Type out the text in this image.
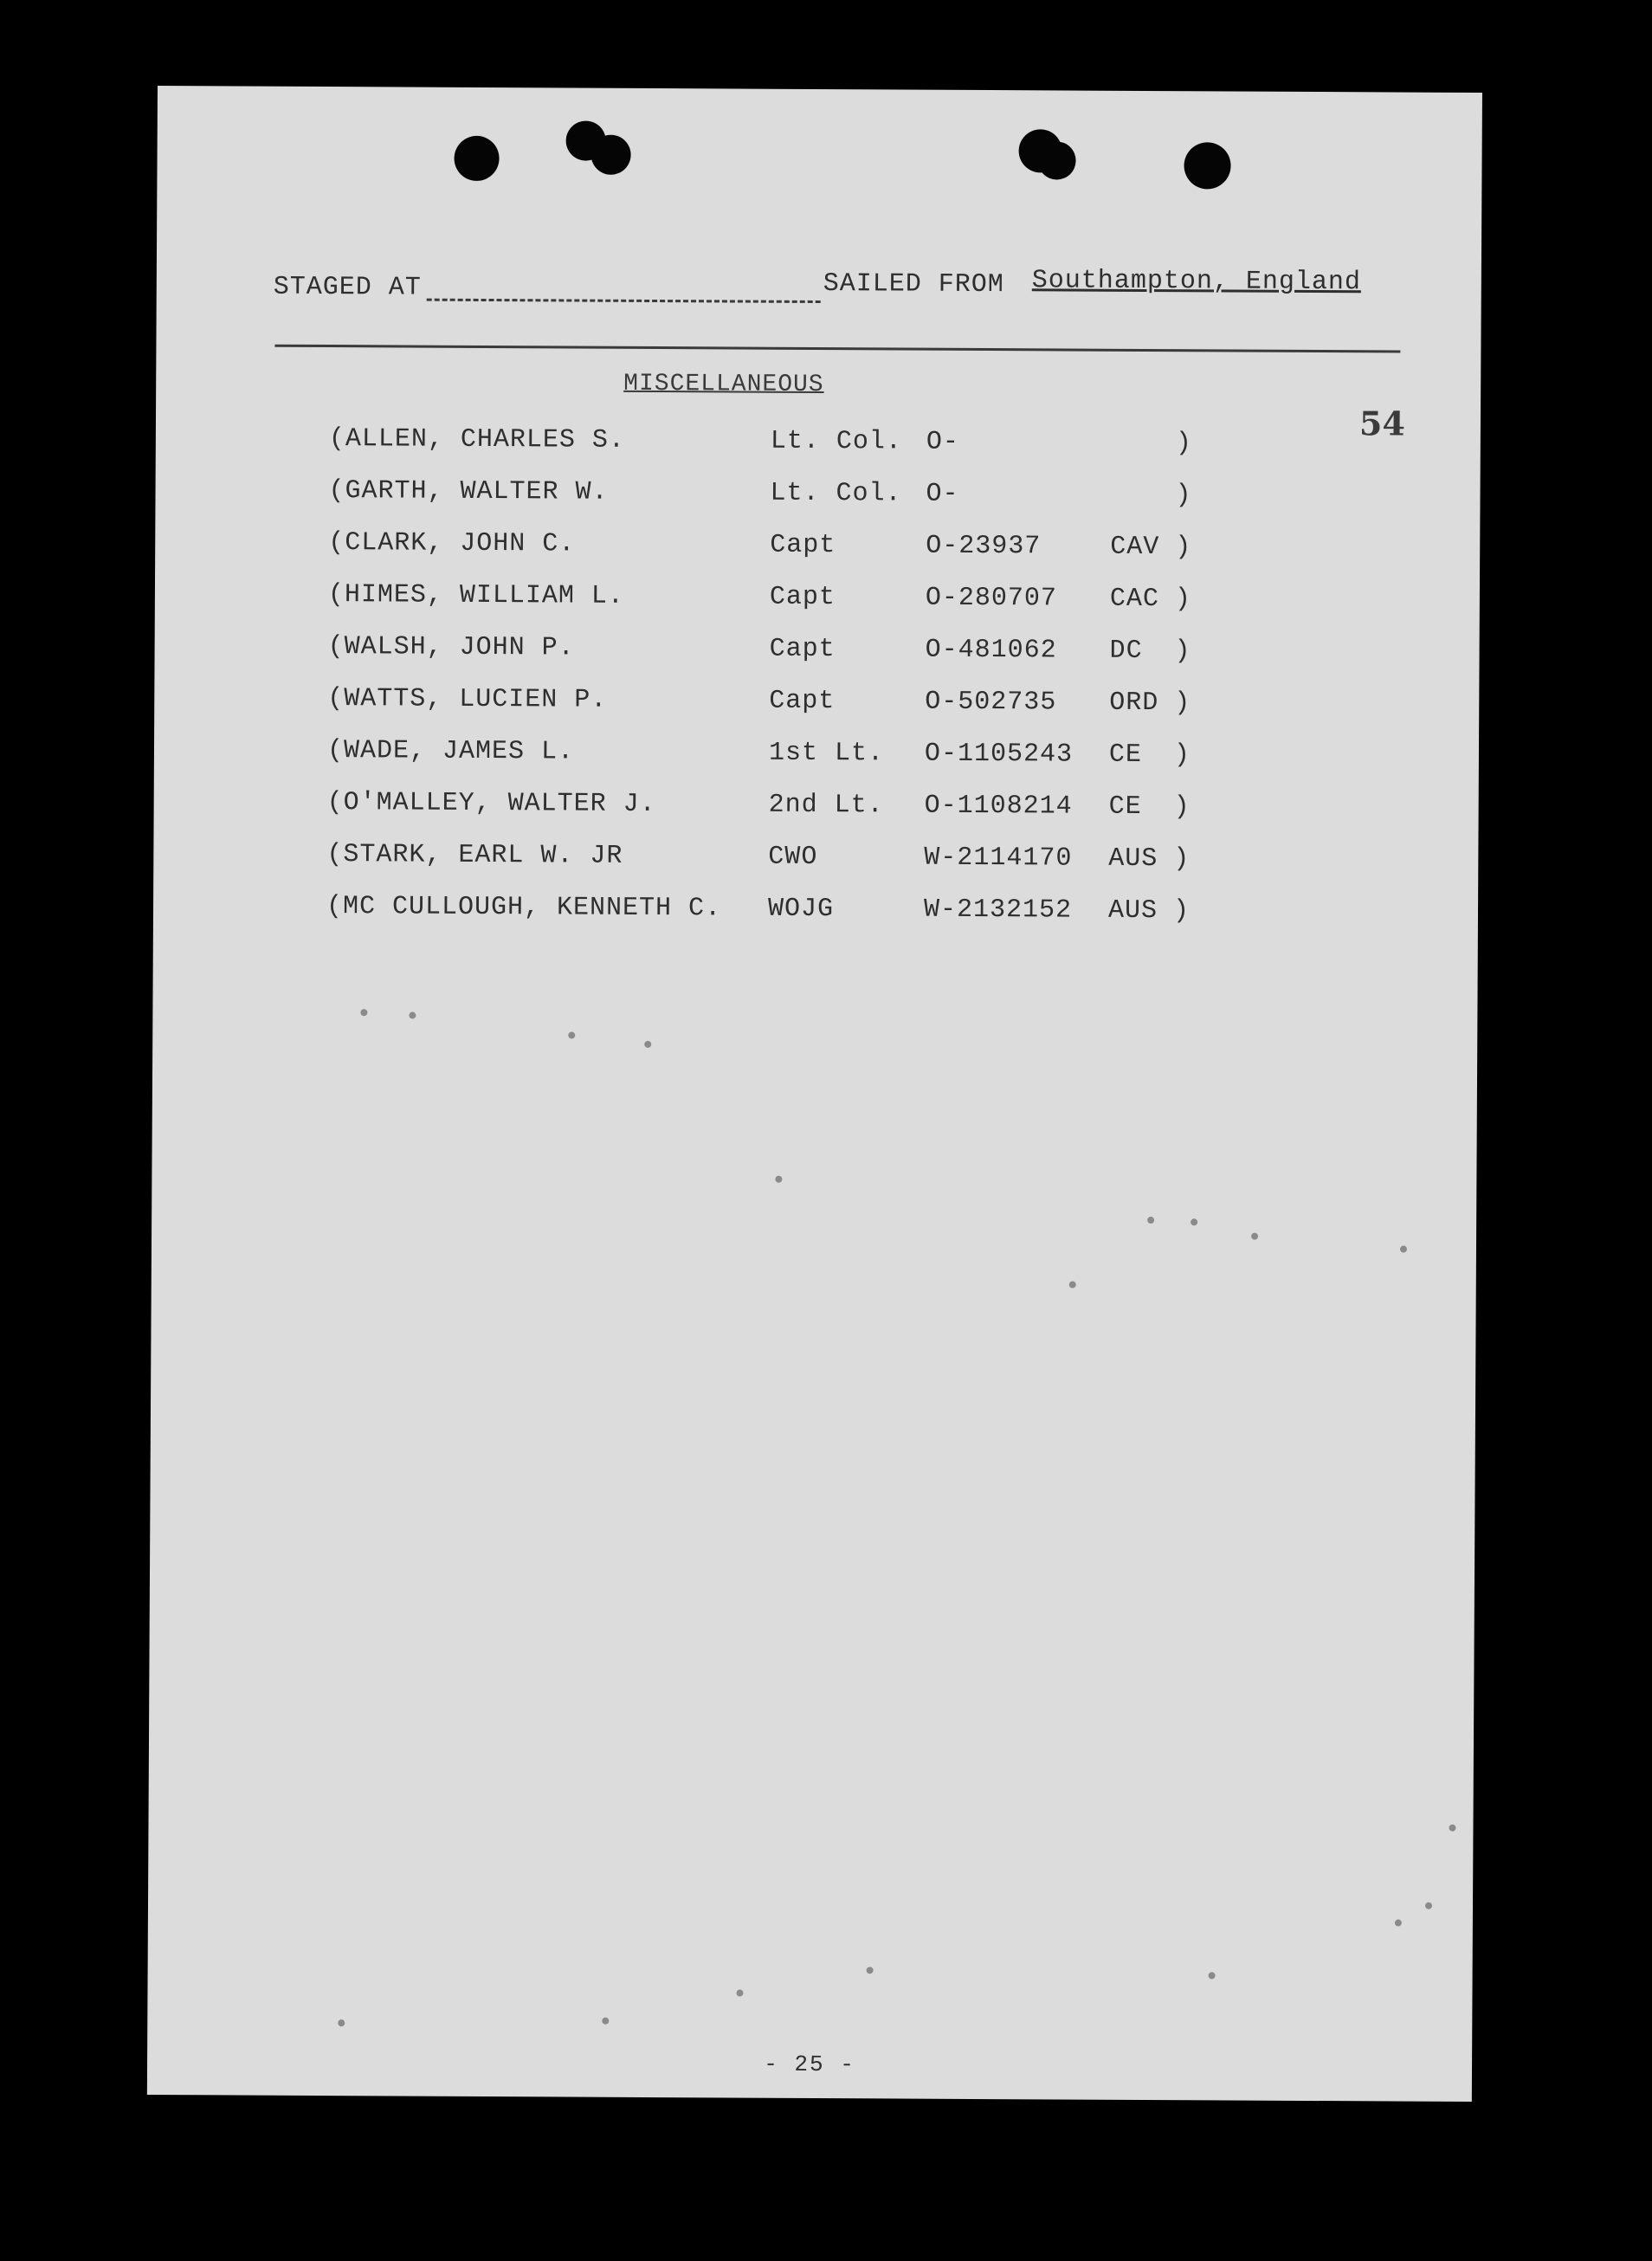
STAGED AT	SAILED FROM Southampton, England
MISCELLANEOUS
54
(ALLEN, CHARLES S.	Lt. Col. O-	)
(GARTH, WALTER W.	Lt. Col. O-	)
(CLARK, JOHN C.	Capt	O-23937	CAV )
(HIMES, WILLIAM L.	Capt	O-280707 CAC )
(WALSH, JOHN P.	Capt	O-481062 DC )
(WATTS, LUCIEN P.	Capt	O-502735 ORD )
(WADE, JAMES L.	1st Lt. O-1105243 CE )
(O'MALLEY, WALTER J.	2nd Lt. O-1108214 CE )
(STARK, EARL W. JR	CWO	W-2114170 AUS )
(MC CULLOUGH, KENNETH C. WOJG	W-2132152 AUS )
- 25 -
